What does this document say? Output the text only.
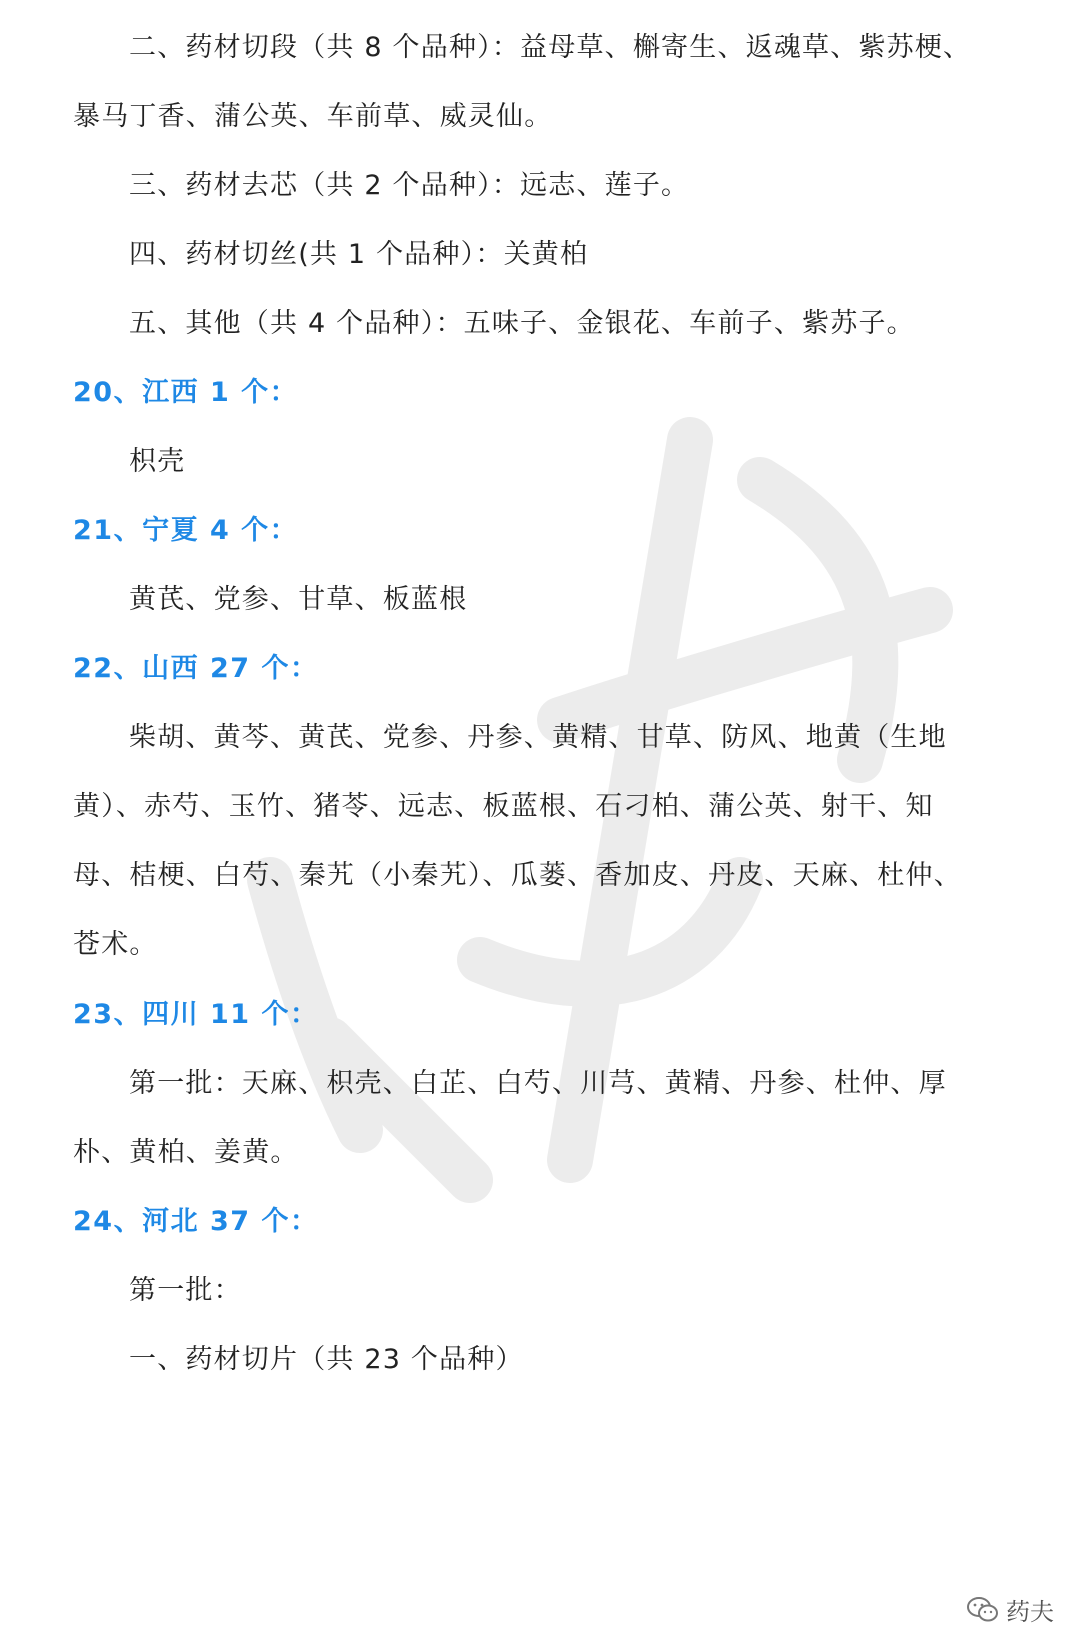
二、药材切段（共 8 个品种）：益母草、槲寄生、返魂草、紫苏梗、
暴马丁香、蒲公英、车前草、威灵仙。
三、药材去芯（共 2 个品种）：远志、莲子。
四、药材切丝(共 1 个品种）：关黄柏
五、其他（共 4 个品种）：五味子、金银花、车前子、紫苏子。
20、江西 1 个：
枳壳
21、宁夏 4 个：
黄芪、党参、甘草、板蓝根
22、山西 27 个：
柴胡、黄芩、黄芪、党参、丹参、黄精、甘草、防风、地黄（生地
黄）、赤芍、玉竹、猪苓、远志、板蓝根、石刁柏、蒲公英、射干、知
母、桔梗、白芍、秦艽（小秦艽）、瓜蒌、香加皮、丹皮、天麻、杜仲、
苍术。
23、四川 11 个：
第一批：天麻、枳壳、白芷、白芍、川芎、黄精、丹参、杜仲、厚
朴、黄柏、姜黄。
24、河北 37 个：
第一批：
一、药材切片（共 23 个品种）
药夫
